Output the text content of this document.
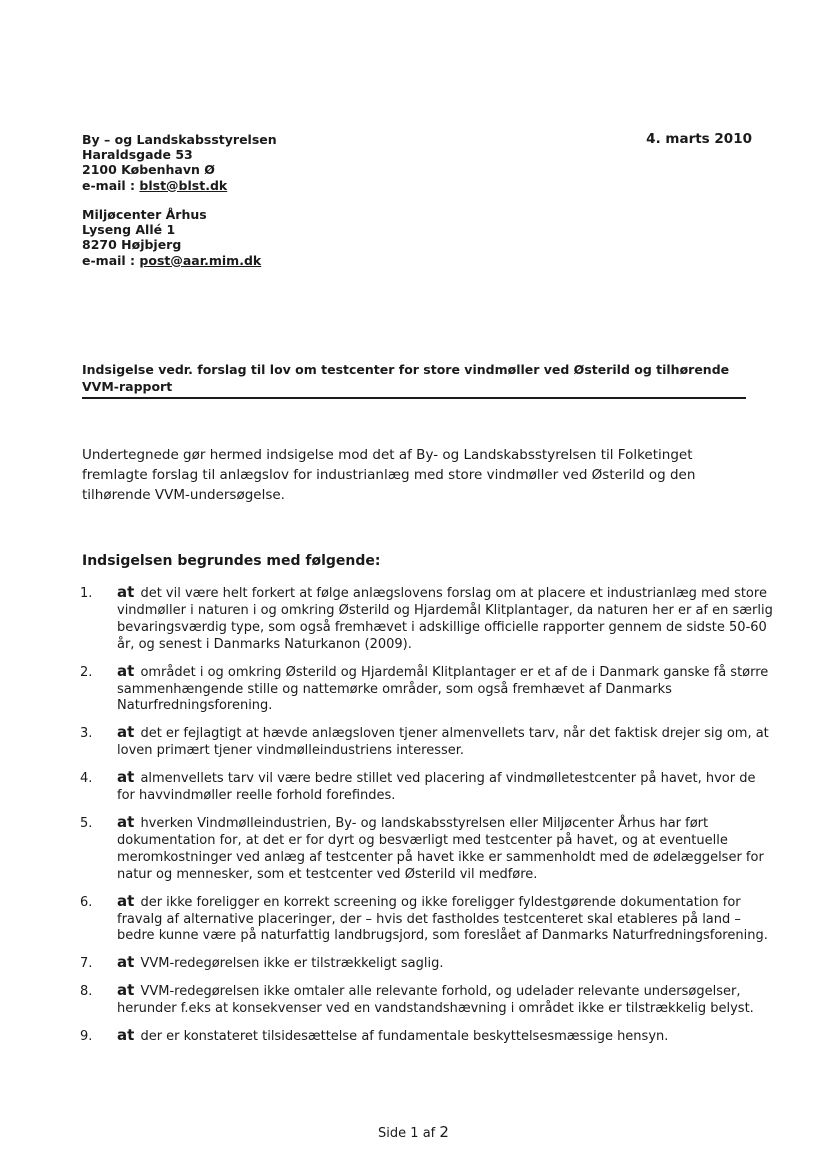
By – og Landskabsstyrelsen
Haraldsgade 53
2100 København Ø
e-mail : blst@blst.dk
4. marts 2010
Miljøcenter Århus
Lyseng Allé 1
8270 Højbjerg
e-mail : post@aar.mim.dk
Indsigelse vedr. forslag til lov om testcenter for store vindmøller ved Østerild og tilhørende VVM-rapport
Undertegnede gør hermed indsigelse mod det af By- og Landskabsstyrelsen til Folketinget fremlagte forslag til anlægslov for industrianlæg med store vindmøller ved Østerild og den tilhørende VVM-undersøgelse.
Indsigelsen begrundes med følgende:
1. at det vil være helt forkert at følge anlægslovens forslag om at placere et industrianlæg med store vindmøller i naturen i og omkring Østerild og Hjardemål Klitplantager, da naturen her er af en særlig bevaringsværdig type, som også fremhævet i adskillige officielle rapporter gennem de sidste 50-60 år, og senest i Danmarks Naturkanon (2009).
2. at området i og omkring Østerild og Hjardemål Klitplantager er et af de i Danmark ganske få større sammenhængende stille og nattemørke områder, som også fremhævet af Danmarks Naturfredningsforening.
3. at det er fejlagtigt at hævde anlægsloven tjener almenvellets tarv, når det faktisk drejer sig om, at loven primært tjener vindmølleindustriens interesser.
4. at almenvellets tarv vil være bedre stillet ved placering af vindmølletestcenter på havet, hvor de for havvindmøller reelle forhold forefindes.
5. at hverken Vindmølleindustrien, By- og landskabsstyrelsen eller Miljøcenter Århus har ført dokumentation for, at det er for dyrt og besværligt med testcenter på havet, og at eventuelle meromkostninger ved anlæg af testcenter på havet ikke er sammenholdt med de ødelæggelser for natur og mennesker, som et testcenter ved Østerild vil medføre.
6. at der ikke foreligger en korrekt screening og ikke foreligger fyldestgørende dokumentation for fravalg af alternative placeringer, der – hvis det fastholdes testcenteret skal etableres på land – bedre kunne være på naturfattig landbrugsjord, som foreslået af Danmarks Naturfredningsforening.
7. at VVM-redegørelsen ikke er tilstrækkeligt saglig.
8. at VVM-redegørelsen ikke omtaler alle relevante forhold, og udelader relevante undersøgelser, herunder f.eks at konsekvenser ved en vandstandshævning i området ikke er tilstrækkelig belyst.
9. at der er konstateret tilsidesættelse af fundamentale beskyttelsesmæssige hensyn.
Side 1 af 2
